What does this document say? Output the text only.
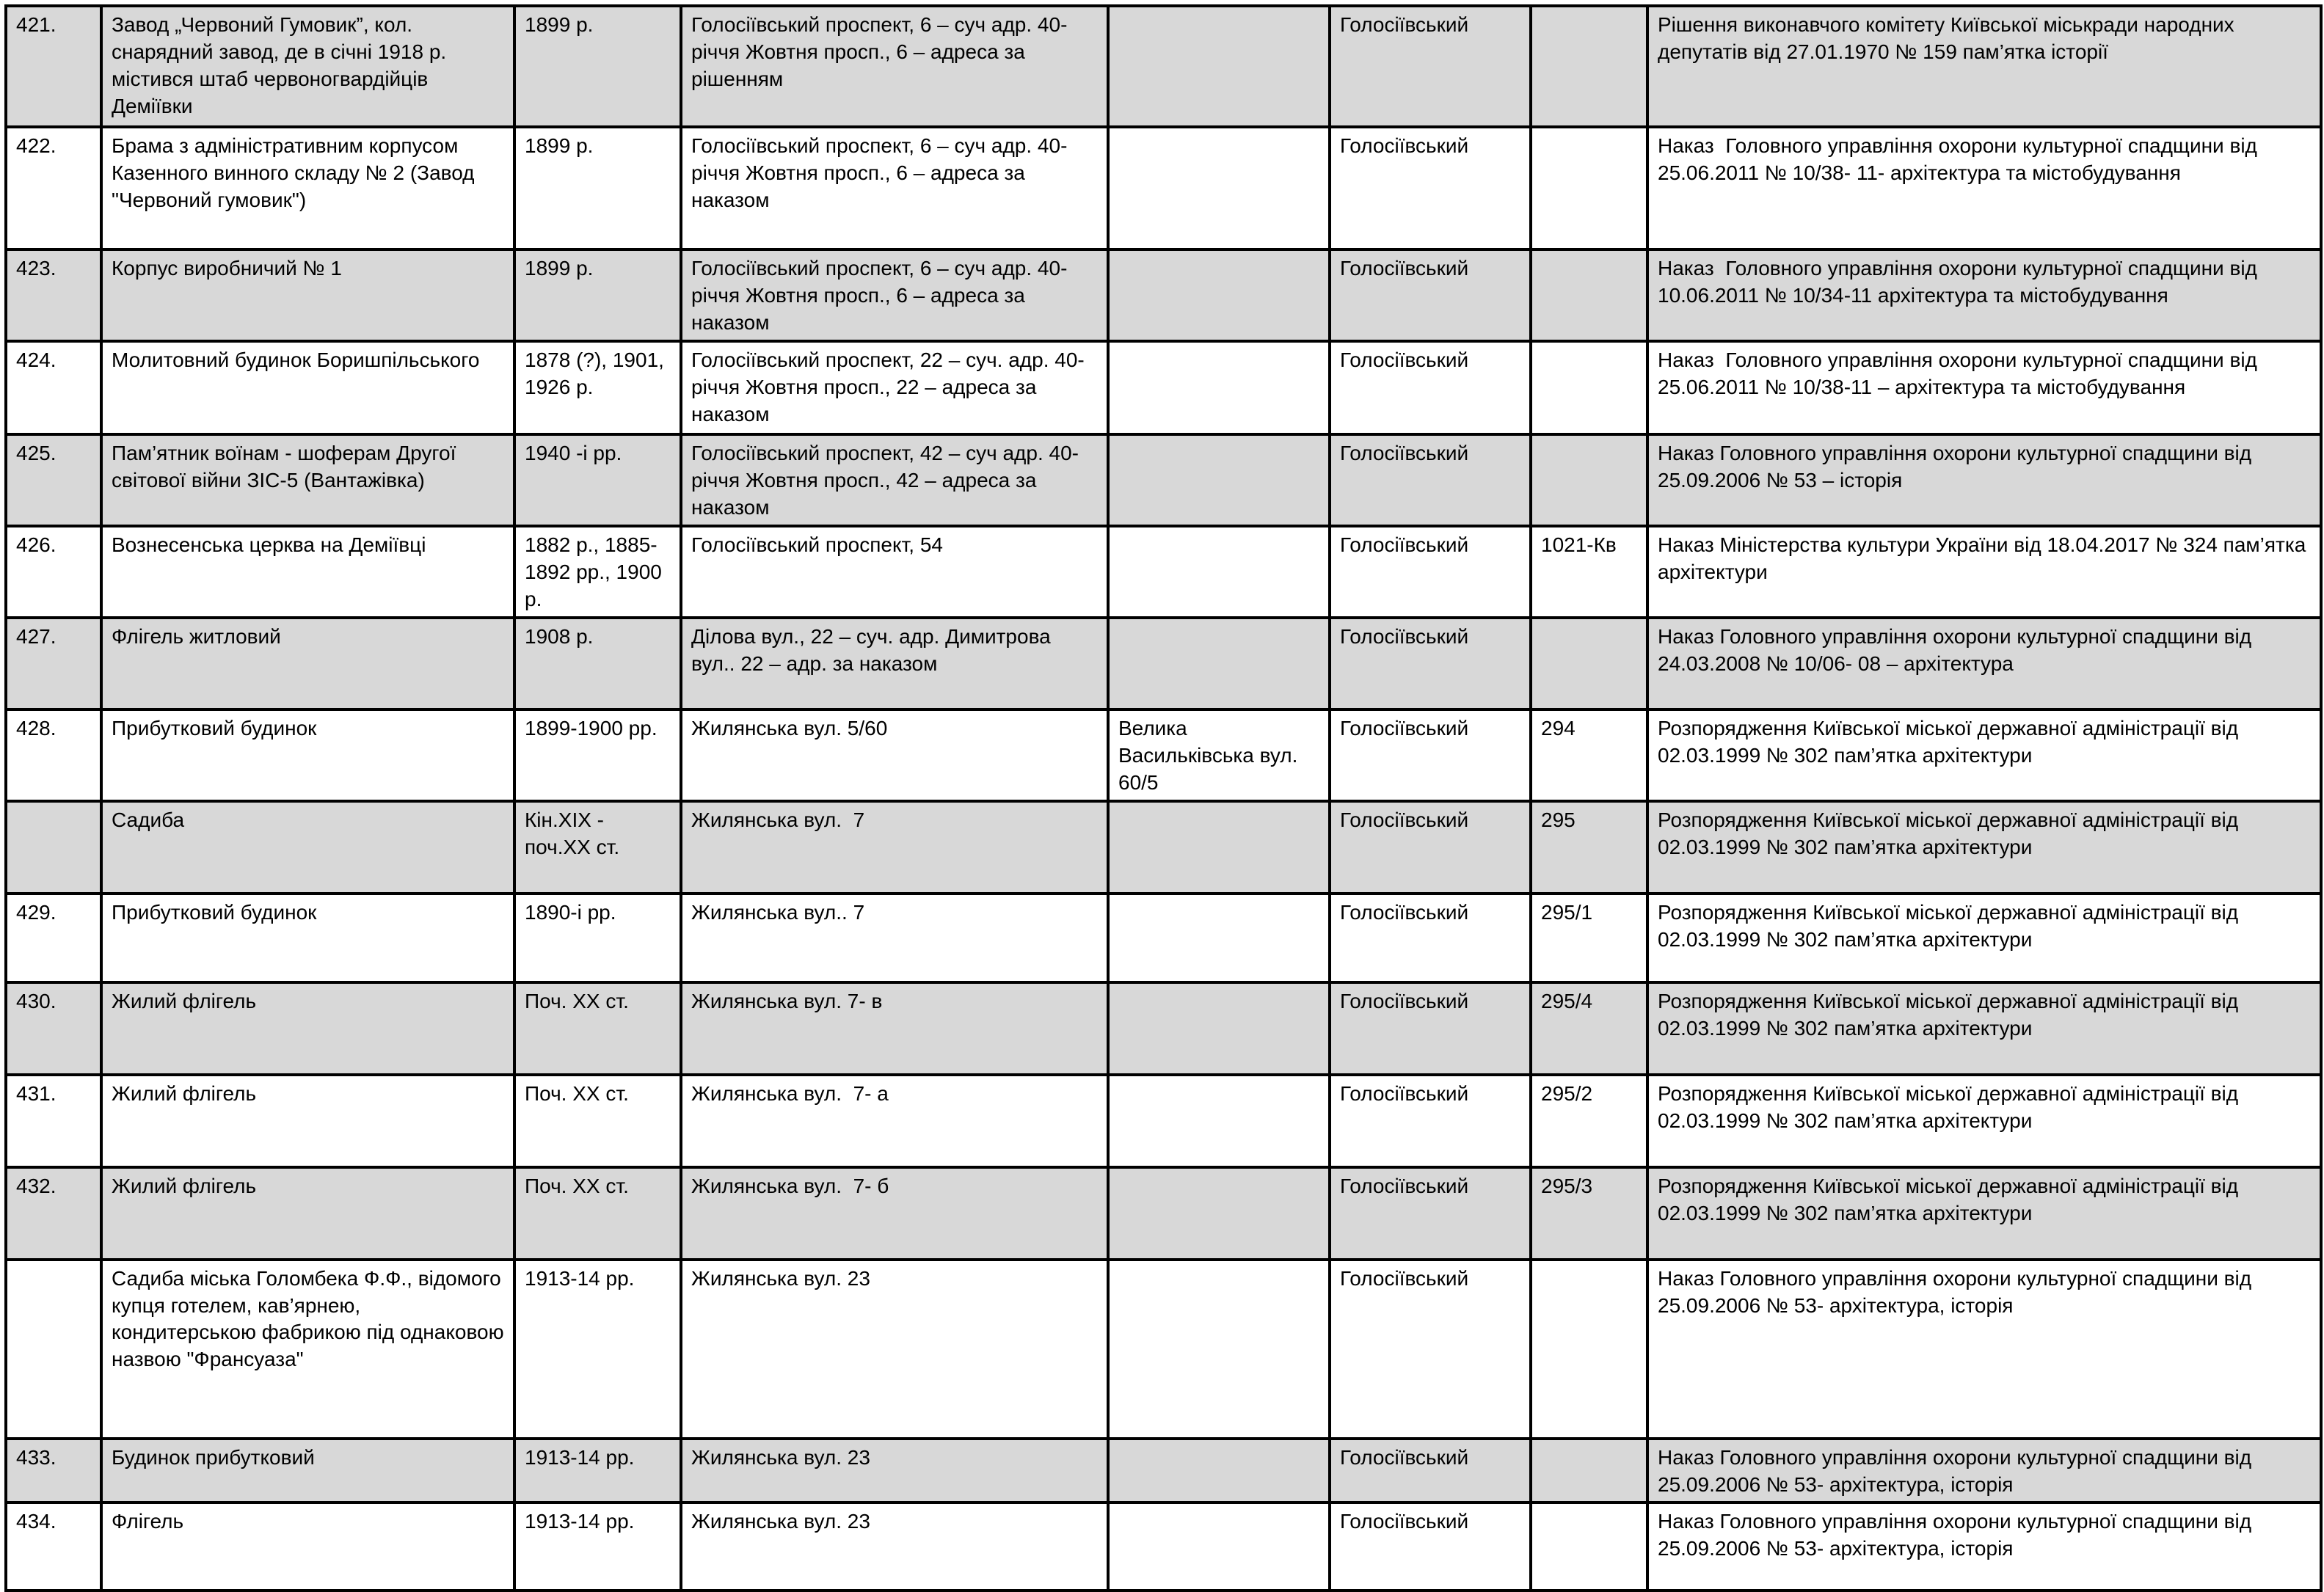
421.	Завод „Червоний Гумовик”, кол. снарядний завод, де в січні 1918 р. містився штаб червоногвардійців Деміївки	1899 р.	Голосіївський проспект, 6 – суч адр. 40-річчя Жовтня просп., 6 – адреса за рішенням		Голосіївський		Рішення виконавчого комітету Київської міськради народних депутатів від 27.01.1970 № 159 пам’ятка історії
422.	Брама з адміністративним корпусом Казенного винного складу № 2 (Завод "Червоний гумовик")	1899 р.	Голосіївський проспект, 6 – суч адр. 40-річчя Жовтня просп., 6 – адреса за наказом		Голосіївський		Наказ  Головного управління охорони культурної спадщини від 25.06.2011 № 10/38- 11- архітектура та містобудування
423.	Корпус виробничий № 1	1899 р.	Голосіївський проспект, 6 – суч адр. 40-річчя Жовтня просп., 6 – адреса за наказом		Голосіївський		Наказ  Головного управління охорони культурної спадщини від 10.06.2011 № 10/34-11 архітектура та містобудування
424.	Молитовний будинок Боришпільського	1878 (?), 1901, 1926 р.	Голосіївський проспект, 22 – суч. адр. 40-річчя Жовтня просп., 22 – адреса за наказом		Голосіївський		Наказ  Головного управління охорони культурної спадщини від 25.06.2011 № 10/38-11 – архітектура та містобудування
425.	Пам’ятник воїнам - шоферам Другої світової війни ЗІС-5 (Вантажівка)	1940 -і рр.	Голосіївський проспект, 42 – суч адр. 40-річчя Жовтня просп., 42 – адреса за наказом		Голосіївський		Наказ Головного управління охорони культурної спадщини від 25.09.2006 № 53 – історія
426.	Вознесенська церква на Деміївці	1882 р., 1885-1892 рр., 1900 р.	Голосіївський проспект, 54		Голосіївський	1021-Кв	Наказ Міністерства культури України від 18.04.2017 № 324 пам’ятка архітектури
427.	Флігель житловий	1908 р.	Ділова вул., 22 – суч. адр. Димитрова вул.. 22 – адр. за наказом		Голосіївський		Наказ Головного управління охорони культурної спадщини від 24.03.2008 № 10/06- 08 – архітектура
428.	Прибутковий будинок	1899-1900 рр.	Жилянська вул. 5/60	Велика Васильківська вул. 60/5	Голосіївський	294	Розпорядження Київської міської державної адміністрації від 02.03.1999 № 302 пам’ятка архітектури
	Садиба	Кін.XIX - поч.XX ст.	Жилянська вул.  7		Голосіївський	295	Розпорядження Київської міської державної адміністрації від 02.03.1999 № 302 пам’ятка архітектури
429.	Прибутковий будинок	1890-і рр.	Жилянська вул.. 7		Голосіївський	295/1	Розпорядження Київської міської державної адміністрації від 02.03.1999 № 302 пам’ятка архітектури
430.	Жилий флігель	Поч. ХХ ст.	Жилянська вул. 7- в		Голосіївський	295/4	Розпорядження Київської міської державної адміністрації від 02.03.1999 № 302 пам’ятка архітектури
431.	Жилий флігель	Поч. ХХ ст.	Жилянська вул.  7- а		Голосіївський	295/2	Розпорядження Київської міської державної адміністрації від 02.03.1999 № 302 пам’ятка архітектури
432.	Жилий флігель	Поч. ХХ ст.	Жилянська вул.  7- б		Голосіївський	295/3	Розпорядження Київської міської державної адміністрації від 02.03.1999 № 302 пам’ятка архітектури
	Садиба міська Голомбека Ф.Ф., відомого купця готелем, кав’ярнею, кондитерською фабрикою під однаковою назвою "Франсуаза"	1913-14 рр.	Жилянська вул. 23		Голосіївський		Наказ Головного управління охорони культурної спадщини від 25.09.2006 № 53- архітектура, історія
433.	Будинок прибутковий	1913-14 рр.	Жилянська вул. 23		Голосіївський		Наказ Головного управління охорони культурної спадщини від 25.09.2006 № 53- архітектура, історія
434.	Флігель	1913-14 рр.	Жилянська вул. 23		Голосіївський		Наказ Головного управління охорони культурної спадщини від 25.09.2006 № 53- архітектура, історія
